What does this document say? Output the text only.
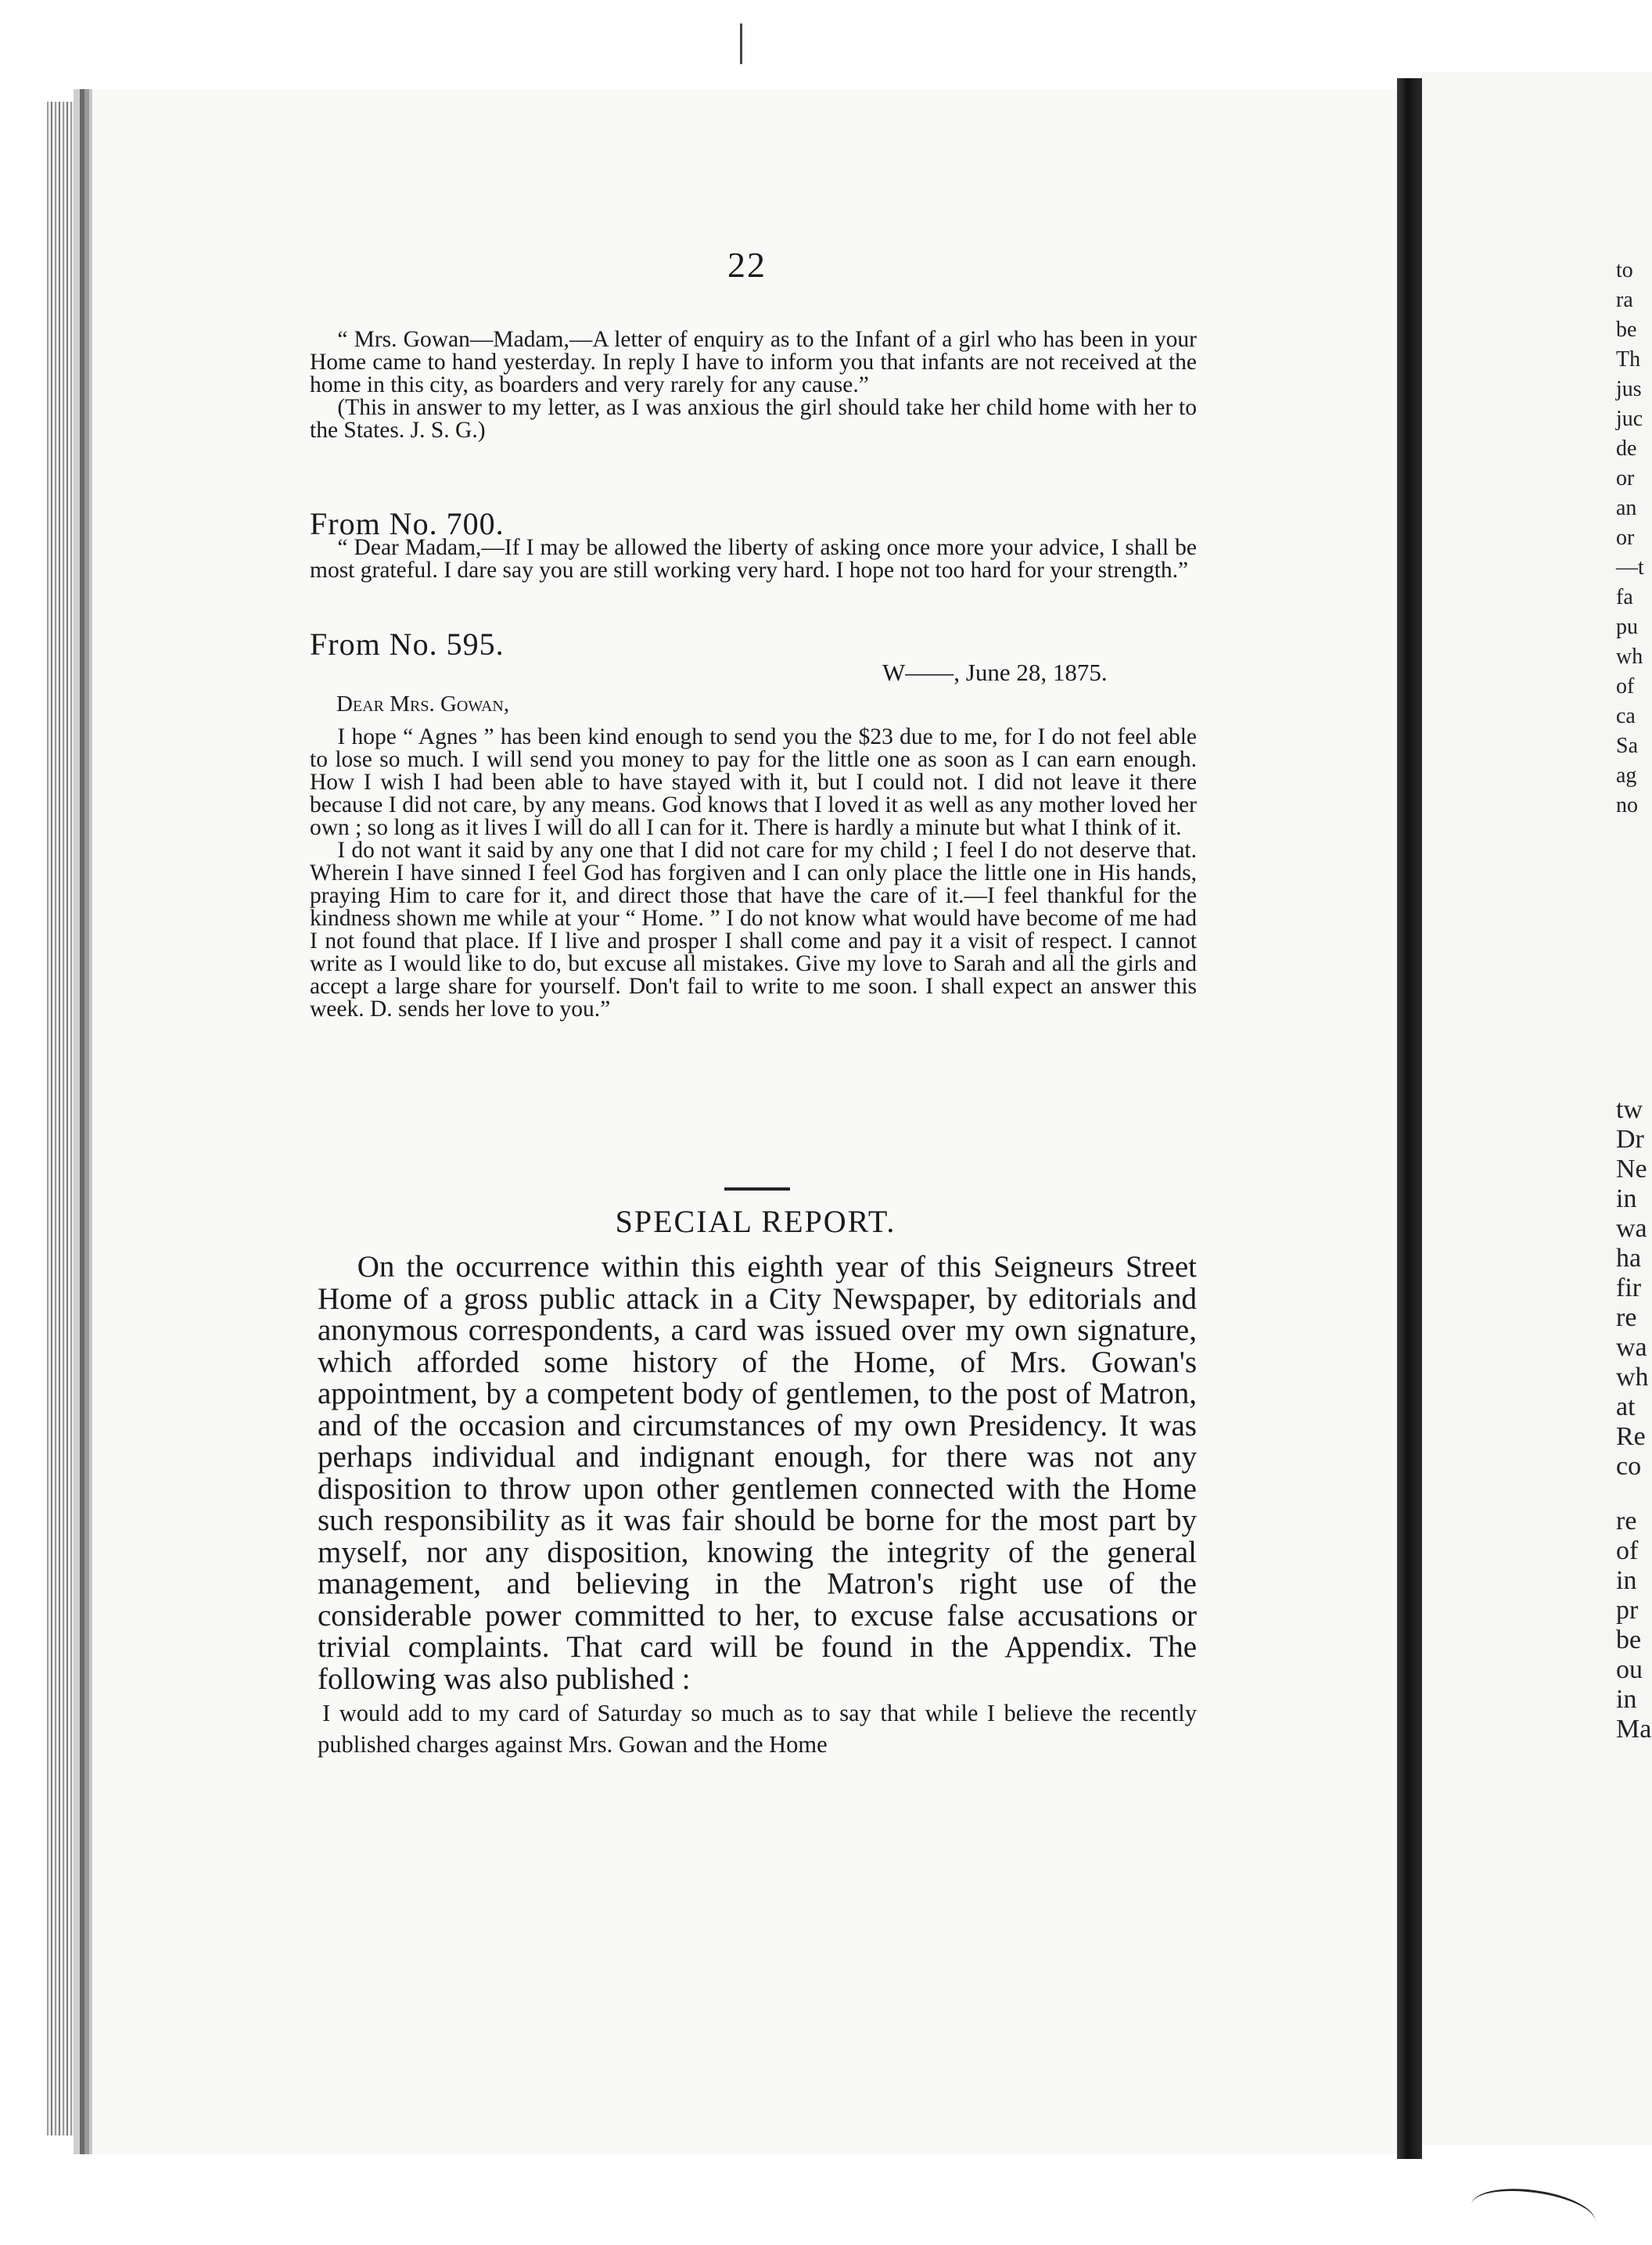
to
ra
be
Th
jus
juc
de
or
an
or
—t
fa
pu
wh
of
ca
Sa
ag
no
tw
Dr
Ne
in
wa
ha
fir
re
wa
wh
at
Re
co
re
of
in
pr
be
ou
in
Ma
22

“ Mrs. Gowan—Madam,—A letter of enquiry as to the Infant of a girl who has been in your Home came to hand yesterday. In reply I have to inform you that infants are not received at the home in this city, as boarders and very rarely for any cause.”

(This in answer to my letter, as I was anxious the girl should take her child home with her to the States. J. S. G.)

From No. 700.

“ Dear Madam,—If I may be allowed the liberty of asking once more your advice, I shall be most grateful. I dare say you are still working very hard. I hope not too hard for your strength.”

From No. 595.
W——, June 28, 1875.
Dear Mrs. Gowan,

I hope “ Agnes ” has been kind enough to send you the $23 due to me, for I do not feel able to lose so much. I will send you money to pay for the little one as soon as I can earn enough. How I wish I had been able to have stayed with it, but I could not. I did not leave it there because I did not care, by any means. God knows that I loved it as well as any mother loved her own ; so long as it lives I will do all I can for it. There is hardly a minute but what I think of it.

I do not want it said by any one that I did not care for my child ; I feel I do not deserve that. Wherein I have sinned I feel God has forgiven and I can only place the little one in His hands, praying Him to care for it, and direct those that have the care of it.—I feel thankful for the kindness shown me while at your “ Home. ” I do not know what would have become of me had I not found that place. If I live and prosper I shall come and pay it a visit of respect. I cannot write as I would like to do, but excuse all mistakes. Give my love to Sarah and all the girls and accept a large share for yourself. Don't fail to write to me soon. I shall expect an answer this week. D. sends her love to you.”

SPECIAL REPORT.

On the occurrence within this eighth year of this Seigneurs Street Home of a gross public attack in a City Newspaper, by editorials and anonymous correspondents, a card was issued over my own signature, which afforded some history of the Home, of Mrs. Gowan's appointment, by a competent body of gentlemen, to the post of Matron, and of the occasion and circumstances of my own Presidency. It was perhaps individual and indignant enough, for there was not any disposition to throw upon other gentlemen connected with the Home such responsibility as it was fair should be borne for the most part by myself, nor any disposition, knowing the integrity of the general management, and believing in the Matron's right use of the considerable power committed to her, to excuse false accusations or trivial complaints. That card will be found in the Appendix. The following was also published :

I would add to my card of Saturday so much as to say that while I believe the recently published charges against Mrs. Gowan and the Home
